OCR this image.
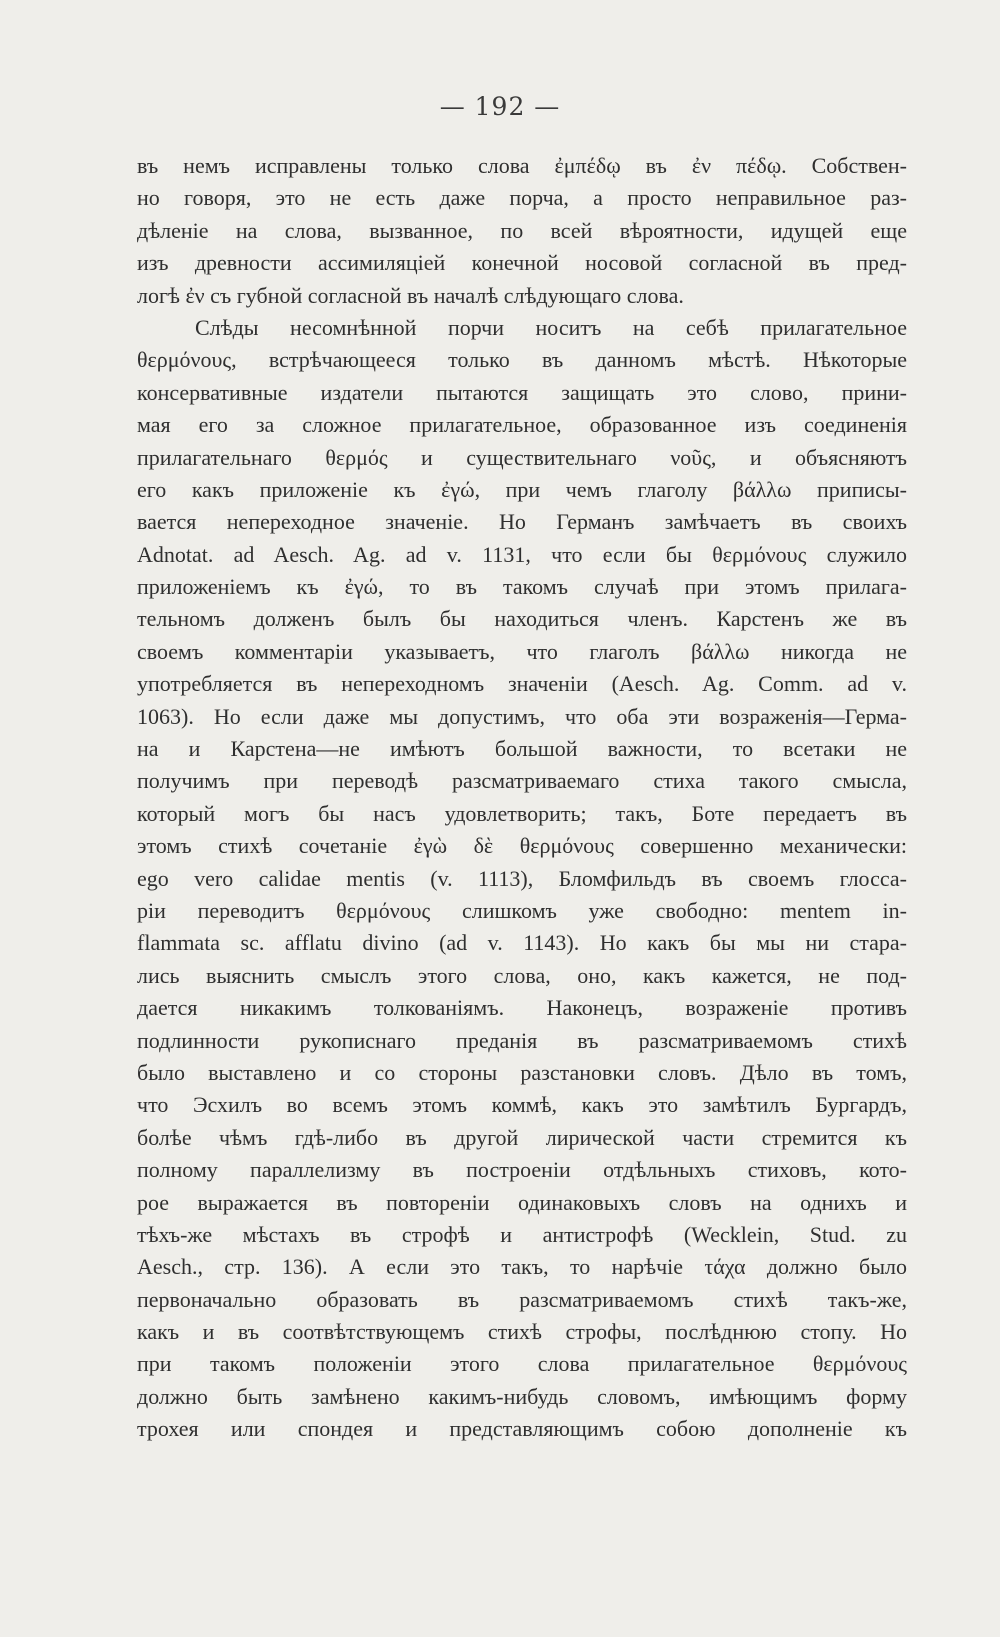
— 192 —
въ немъ исправлены только слова ἐμπέδῳ въ ἐν πέδῳ. Собствен-
но говоря, это не есть даже порча, а просто неправильное раз-
дѣленіе на слова, вызванное, по всей вѣроятности, идущей еще
изъ древности ассимиляціей конечной носовой согласной въ пред-
логѣ ἐν съ губной согласной въ началѣ слѣдующаго слова.
Слѣды несомнѣнной порчи носитъ на себѣ прилагательное
θερμόνους, встрѣчающееся только въ данномъ мѣстѣ. Нѣкоторые
консервативные издатели пытаются защищать это слово, прини-
мая его за сложное прилагательное, образованное изъ соединенія
прилагательнаго θερμός и существительнаго νοῦς, и объясняютъ
его какъ приложеніе къ ἐγώ, при чемъ глаголу βάλλω приписы-
вается непереходное значеніе. Но Германъ замѣчаетъ въ своихъ
Adnotat. ad Aesch. Ag. ad v. 1131, что если бы θερμόνους служило
приложеніемъ къ ἐγώ, то въ такомъ случаѣ при этомъ прилага-
тельномъ долженъ былъ бы находиться членъ. Карстенъ же въ
своемъ комментаріи указываетъ, что глаголъ βάλλω никогда не
употребляется въ непереходномъ значеніи (Aesch. Ag. Comm. ad v.
1063). Но если даже мы допустимъ, что оба эти возраженія—Герма-
на и Карстена—не имѣютъ большой важности, то всетаки не
получимъ при переводѣ разсматриваемаго стиха такого смысла,
который могъ бы насъ удовлетворить; такъ, Боте передаетъ въ
этомъ стихѣ сочетаніе ἐγὼ δὲ θερμόνους совершенно механически:
ego vero calidae mentis (v. 1113), Бломфильдъ въ своемъ глосса-
ріи переводитъ θερμόνους слишкомъ уже свободно: mentem in-
flammata sc. afflatu divino (ad v. 1143). Но какъ бы мы ни стара-
лись выяснить смыслъ этого слова, оно, какъ кажется, не под-
дается никакимъ толкованіямъ. Наконецъ, возраженіе противъ
подлинности рукописнаго преданія въ разсматриваемомъ стихѣ
было выставлено и со стороны разстановки словъ. Дѣло въ томъ,
что Эсхилъ во всемъ этомъ коммѣ, какъ это замѣтилъ Бургардъ,
болѣе чѣмъ гдѣ-либо въ другой лирической части стремится къ
полному параллелизму въ построеніи отдѣльныхъ стиховъ, кото-
рое выражается въ повтореніи одинаковыхъ словъ на однихъ и
тѣхъ-же мѣстахъ въ строфѣ и антистрофѣ (Wecklein, Stud. zu
Aesch., стр. 136). А если это такъ, то нарѣчіе τάχα должно было
первоначально образовать въ разсматриваемомъ стихѣ такъ-же,
какъ и въ соотвѣтствующемъ стихѣ строфы, послѣднюю стопу. Но
при такомъ положеніи этого слова прилагательное θερμόνους
должно быть замѣнено какимъ-нибудь словомъ, имѣющимъ форму
трохея или спондея и представляющимъ собою дополненіе къ
